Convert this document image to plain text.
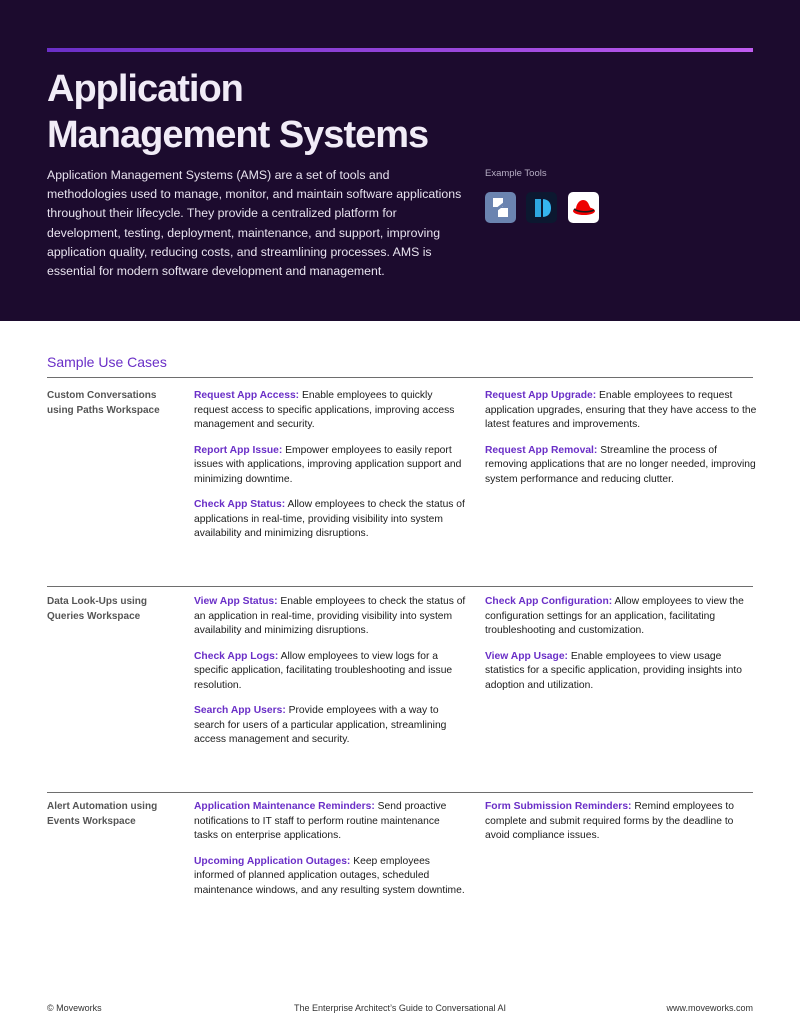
Application
Management Systems

Application Management Systems (AMS) are a set of tools and methodologies used to manage, monitor, and maintain software applications throughout their lifecycle. They provide a centralized platform for development, testing, deployment, maintenance, and support, improving application quality, reducing costs, and streamlining processes. AMS is essential for modern software development and management.

Example Tools

Sample Use Cases
Custom Conversations
using Paths Workspace

Request App Access: Enable employees to quickly request access to specific applications, improving access management and security.

Report App Issue: Empower employees to easily report issues with applications, improving application support and minimizing downtime.

Check App Status: Allow employees to check the status of applications in real-time, providing visibility into system availability and minimizing disruptions.

Request App Upgrade: Enable employees to request application upgrades, ensuring that they have access to the latest features and improvements.

Request App Removal: Streamline the process of removing applications that are no longer needed, improving system performance and reducing clutter.

Data Look-Ups using
Queries Workspace

View App Status: Enable employees to check the status of an application in real-time, providing visibility into system availability and minimizing disruptions.

Check App Logs: Allow employees to view logs for a specific application, facilitating troubleshooting and issue resolution.

Search App Users: Provide employees with a way to search for users of a particular application, streamlining access management and security.

Check App Configuration: Allow employees to view the configuration settings for an application, facilitating troubleshooting and customization.

View App Usage: Enable employees to view usage statistics for a specific application, providing insights into adoption and utilization.

Alert Automation using
Events Workspace

Application Maintenance Reminders: Send proactive notifications to IT staff to perform routine maintenance tasks on enterprise applications.

Upcoming Application Outages: Keep employees informed of planned application outages, scheduled maintenance windows, and any resulting system downtime.

Form Submission Reminders: Remind employees to complete and submit required forms by the deadline to avoid compliance issues.

© Moveworks	The Enterprise Architect’s Guide to Conversational AI	www.moveworks.com
